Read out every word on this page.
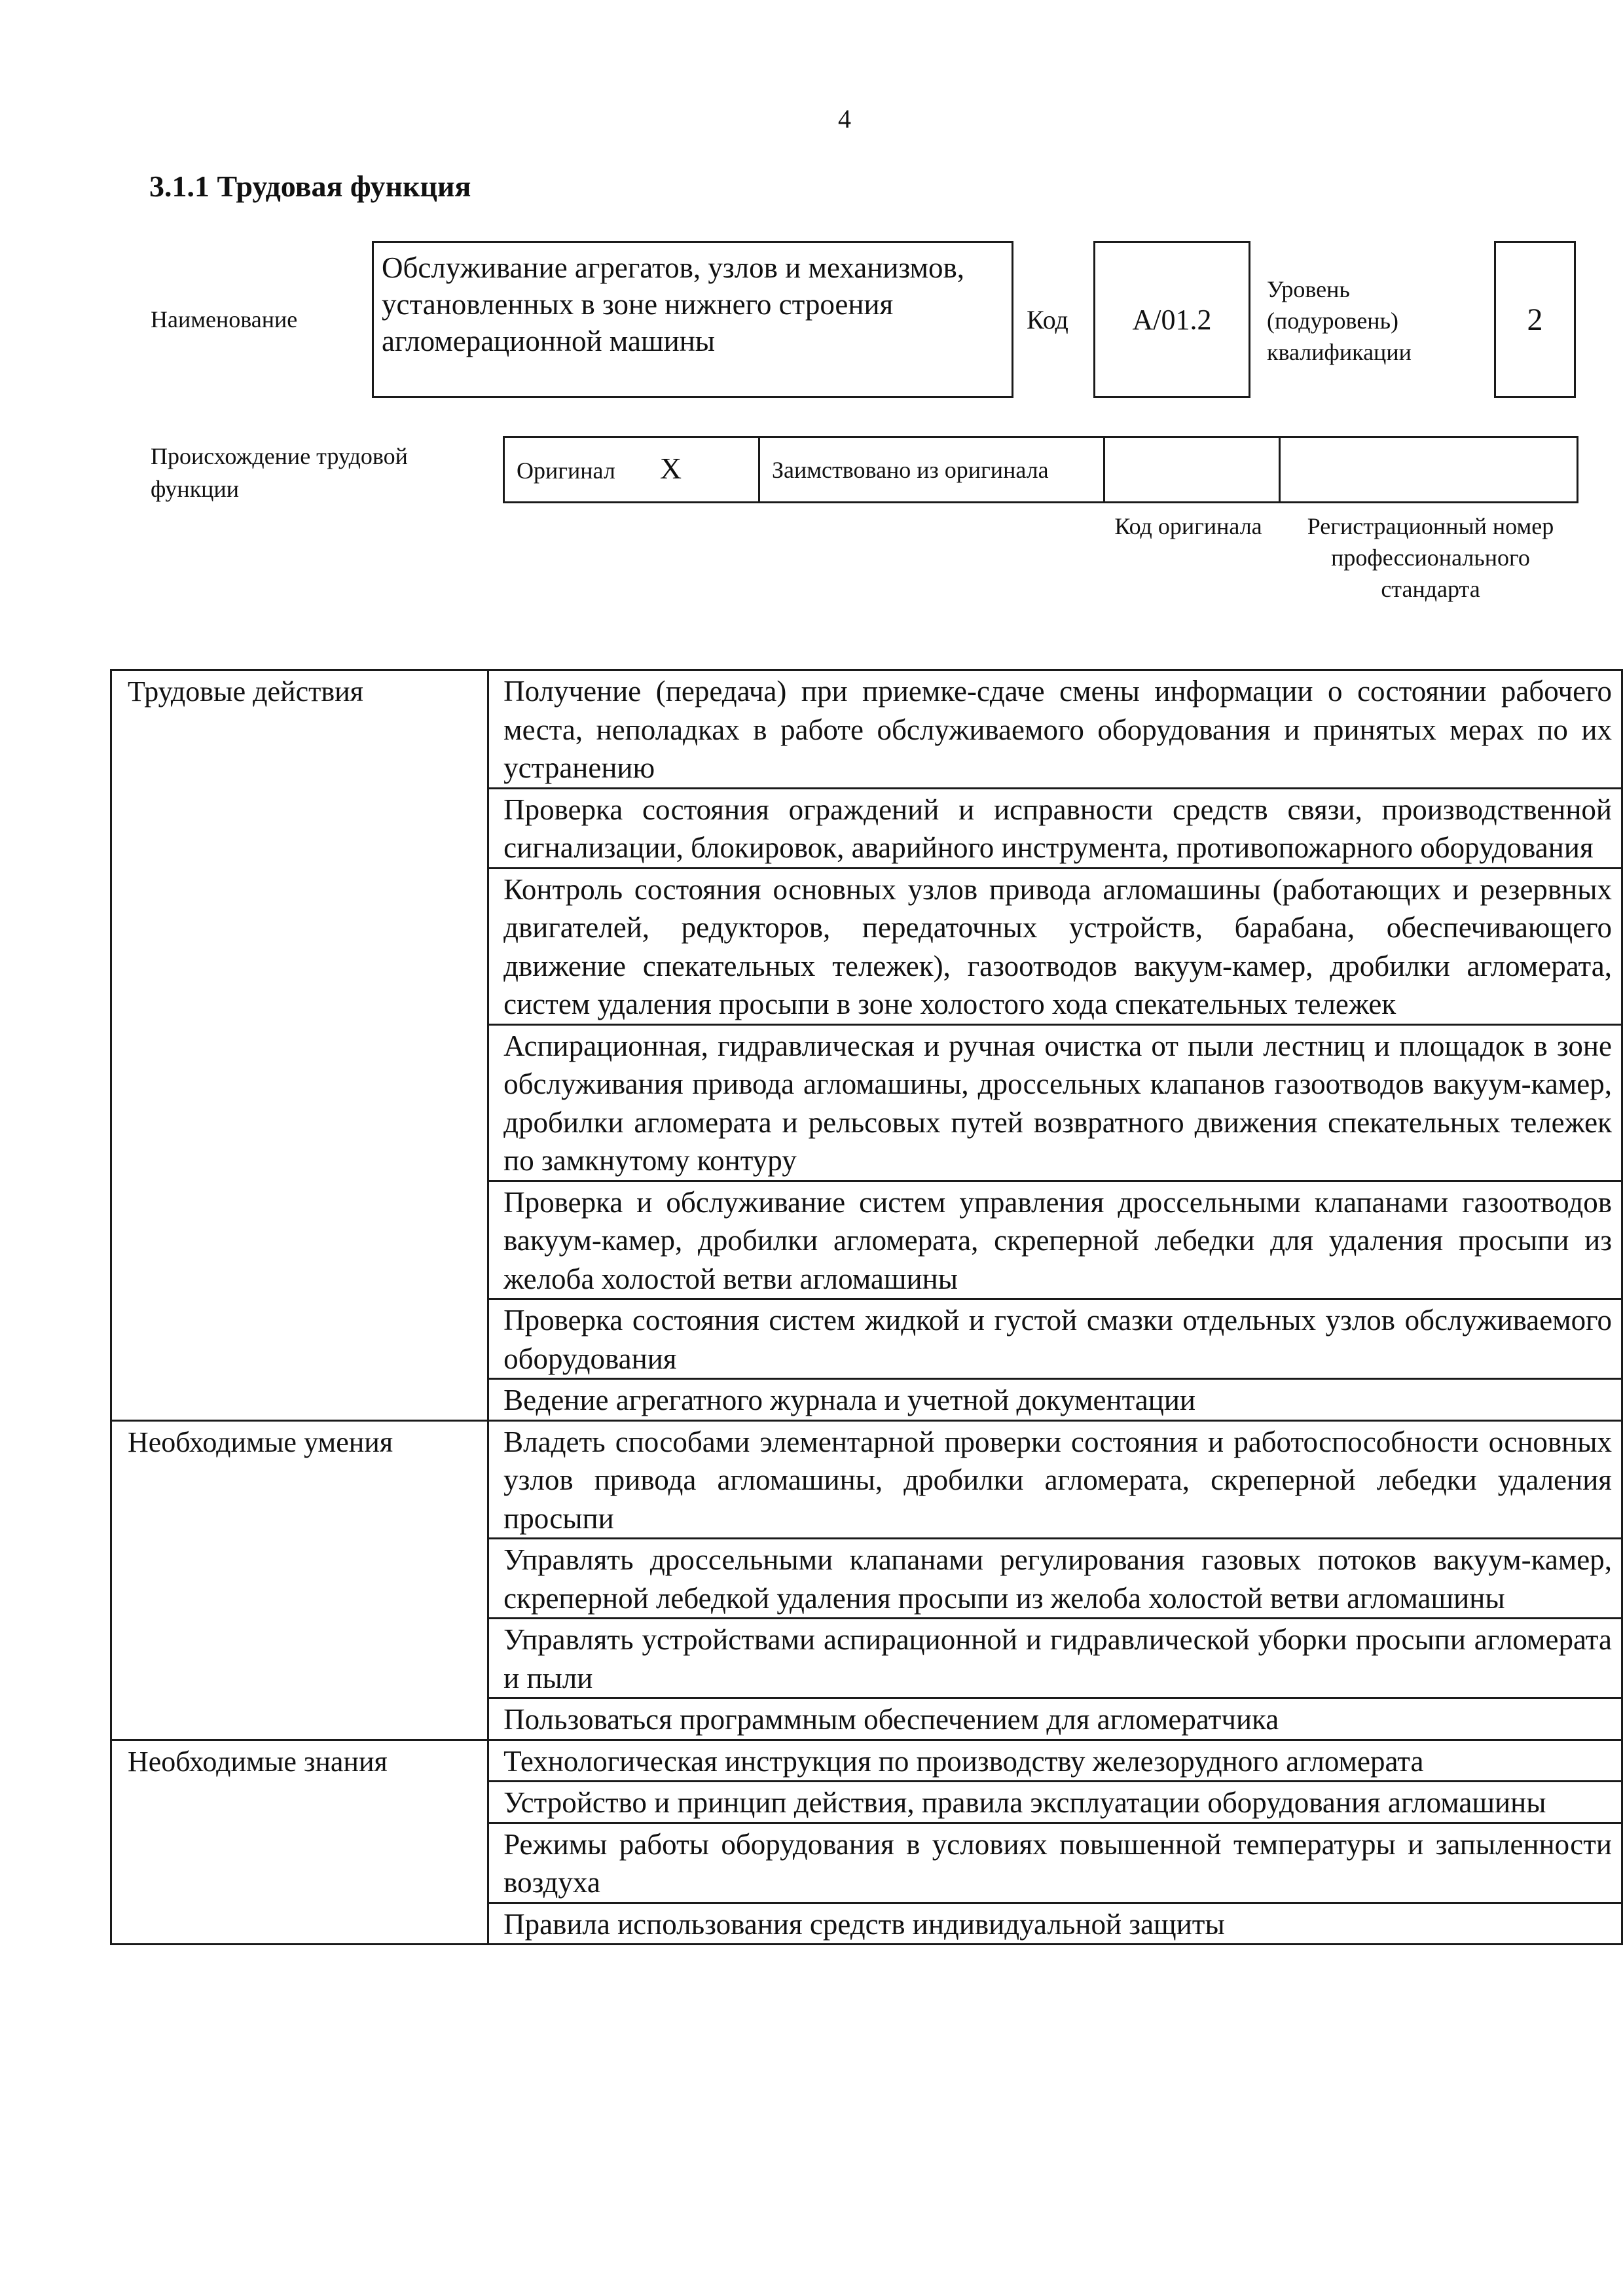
4
3.1.1 Трудовая функция
Наименование
Обслуживание агрегатов, узлов и механизмов, установленных в зоне нижнего строения агломерационной машины
Код А/01.2
Уровень (подуровень) квалификации
2
Происхождение трудовой функции
Оригинал X	Заимствовано из оригинала		
Код оригинала	Регистрационный номер профессионального стандарта
Трудовые действия	Получение (передача) при приемке-сдаче смены информации о состоянии рабочего места, неполадках в работе обслуживаемого оборудования и принятых мерах по их устранению
	Проверка состояния ограждений и исправности средств связи, производственной сигнализации, блокировок, аварийного инструмента, противопожарного оборудования
	Контроль состояния основных узлов привода агломашины (работающих и резервных двигателей, редукторов, передаточных устройств, барабана, обеспечивающего движение спекательных тележек), газоотводов вакуум-камер, дробилки агломерата, систем удаления просыпи в зоне холостого хода спекательных тележек
	Аспирационная, гидравлическая и ручная очистка от пыли лестниц и площадок в зоне обслуживания привода агломашины, дроссельных клапанов газоотводов вакуум-камер, дробилки агломерата и рельсовых путей возвратного движения спекательных тележек по замкнутому контуру
	Проверка и обслуживание систем управления дроссельными клапанами газоотводов вакуум-камер, дробилки агломерата, скреперной лебедки для удаления просыпи из желоба холостой ветви агломашины
	Проверка состояния систем жидкой и густой смазки отдельных узлов обслуживаемого оборудования
	Ведение агрегатного журнала и учетной документации
Необходимые умения	Владеть способами элементарной проверки состояния и работоспособности основных узлов привода агломашины, дробилки агломерата, скреперной лебедки удаления просыпи
	Управлять дроссельными клапанами регулирования газовых потоков вакуум-камер, скреперной лебедкой удаления просыпи из желоба холостой ветви агломашины
	Управлять устройствами аспирационной и гидравлической уборки просыпи агломерата и пыли
	Пользоваться программным обеспечением для агломератчика
Необходимые знания	Технологическая инструкция по производству железорудного агломерата
	Устройство и принцип действия, правила эксплуатации оборудования агломашины
	Режимы работы оборудования в условиях повышенной температуры и запыленности воздуха
	Правила использования средств индивидуальной защиты
